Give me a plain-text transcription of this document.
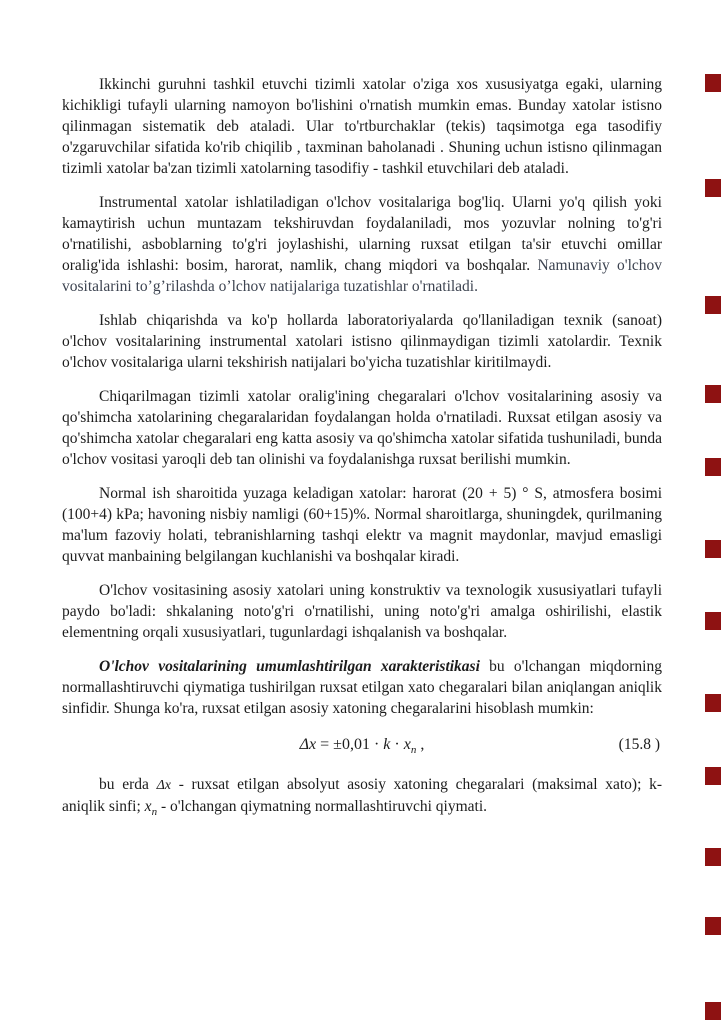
Ikkinchi guruhni tashkil etuvchi tizimli xatolar o'ziga xos xususiyatga egaki, ularning kichikligi tufayli ularning namoyon bo'lishini o'rnatish mumkin emas. Bunday xatolar istisno qilinmagan sistematik deb ataladi. Ular to'rtburchaklar (tekis) taqsimotga ega tasodifiy o'zgaruvchilar sifatida ko'rib chiqilib , taxminan baholanadi . Shuning uchun istisno qilinmagan tizimli xatolar ba'zan tizimli xatolarning tasodifiy - tashkil etuvchilari deb ataladi.

Instrumental xatolar ishlatiladigan o'lchov vositalariga bog'liq. Ularni yo'q qilish yoki kamaytirish uchun muntazam tekshiruvdan foydalaniladi, mos yozuvlar nolning to'g'ri o'rnatilishi, asboblarning to'g'ri joylashishi, ularning ruxsat etilgan ta'sir etuvchi omillar oralig'ida ishlashi: bosim, harorat, namlik, chang miqdori va boshqalar. Namunaviy o'lchov vositalarini toʼgʼrilashda oʼlchov natijalariga tuzatishlar o'rnatiladi.

Ishlab chiqarishda va ko'p hollarda laboratoriyalarda qo'llaniladigan texnik (sanoat) o'lchov vositalarining instrumental xatolari istisno qilinmaydigan tizimli xatolardir. Texnik o'lchov vositalariga ularni tekshirish natijalari bo'yicha tuzatishlar kiritilmaydi.

Chiqarilmagan tizimli xatolar oralig'ining chegaralari o'lchov vositalarining asosiy va qo'shimcha xatolarining chegaralaridan foydalangan holda o'rnatiladi. Ruxsat etilgan asosiy va qo'shimcha xatolar chegaralari eng katta asosiy va qo'shimcha xatolar sifatida tushuniladi, bunda o'lchov vositasi yaroqli deb tan olinishi va foydalanishga ruxsat berilishi mumkin.

Normal ish sharoitida yuzaga keladigan xatolar: harorat (20 + 5) ° S, atmosfera bosimi (100+4) kPa; havoning nisbiy namligi (60+15)%. Normal sharoitlarga, shuningdek, qurilmaning ma'lum fazoviy holati, tebranishlarning tashqi elektr va magnit maydonlar, mavjud emasligi quvvat manbaining belgilangan kuchlanishi va boshqalar kiradi.

O'lchov vositasining asosiy xatolari uning konstruktiv va texnologik xususiyatlari tufayli paydo bo'ladi: shkalaning noto'g'ri o'rnatilishi, uning noto'g'ri amalga oshirilishi, elastik elementning orqali xususiyatlari, tugunlardagi ishqalanish va boshqalar.

O'lchov vositalarining umumlashtirilgan xarakteristikasi bu o'lchangan miqdorning normallashtiruvchi qiymatiga tushirilgan ruxsat etilgan xato chegaralari bilan aniqlangan aniqlik sinfidir. Shunga ko'ra, ruxsat etilgan asosiy xatoning chegaralarini hisoblash mumkin:

$\Delta x = \pm 0,01 \cdot k \cdot x_n$ ,	(15.8 )

bu erda Δx - ruxsat etilgan absolyut asosiy xatoning chegaralari (maksimal xato); k- aniqlik sinfi; $x_n$ - o'lchangan qiymatning normallashtiruvchi qiymati.
